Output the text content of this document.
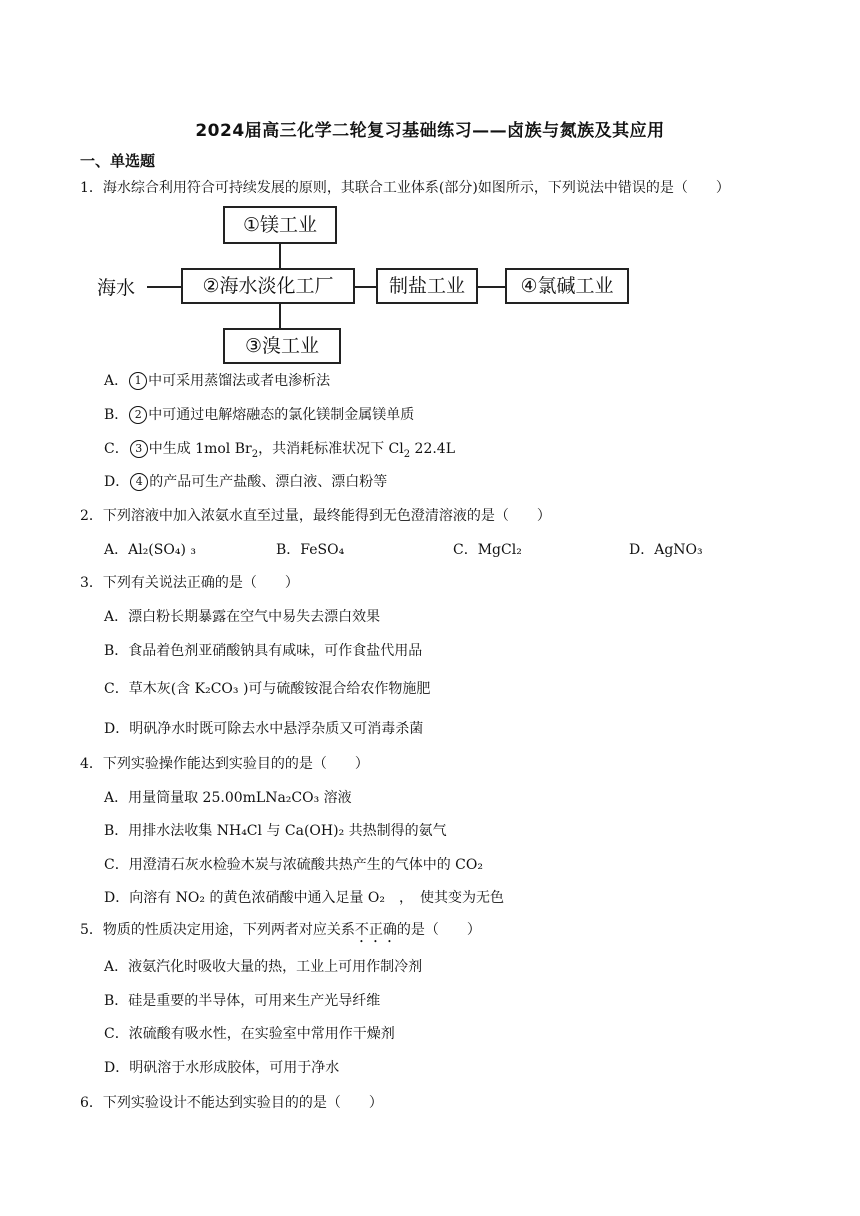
2024届高三化学二轮复习基础练习——卤族与氮族及其应用
一、单选题
1．海水综合利用符合可持续发展的原则，其联合工业体系(部分)如图所示，下列说法中错误的是（　　）
海水
①镁工业
②海水淡化工厂
③溴工业
制盐工业	④氯碱工业
A． 1 中可采用蒸馏法或者电渗析法
B． 2 中可通过电解熔融态的氯化镁制金属镁单质
C． 3 中生成 1mol $Br_2$，共消耗标准状况下 $Cl_2$ 22.4L
D． 4 的产品可生产盐酸、漂白液、漂白粉等
2．下列溶液中加入浓氨水直至过量，最终能得到无色澄清溶液的是（　　）
A．Al₂(SO₄) ₃	B．FeSO₄	C．MgCl₂	D．AgNO₃
3．下列有关说法正确的是（　　）
A．漂白粉长期暴露在空气中易失去漂白效果
B．食品着色剂亚硝酸钠具有咸味，可作食盐代用品
C．草木灰(含 K₂CO₃ )可与硫酸铵混合给农作物施肥
D．明矾净水时既可除去水中悬浮杂质又可消毒杀菌
4．下列实验操作能达到实验目的的是（　　）
A．用量筒量取 25.00mLNa₂CO₃ 溶液
B．用排水法收集 NH₄Cl 与 Ca(OH)₂ 共热制得的氨气
C．用澄清石灰水检验木炭与浓硫酸共热产生的气体中的 CO₂
D．向溶有 NO₂ 的黄色浓硝酸中通入足量 O₂　，　使其变为无色
5．物质的性质决定用途，下列两者对应关系不正确的是（　　）
A．液氨汽化时吸收大量的热，工业上可用作制冷剂
B．硅是重要的半导体，可用来生产光导纤维
C．浓硫酸有吸水性，在实验室中常用作干燥剂
D．明矾溶于水形成胶体，可用于净水
6．下列实验设计不能达到实验目的的是（　　）
